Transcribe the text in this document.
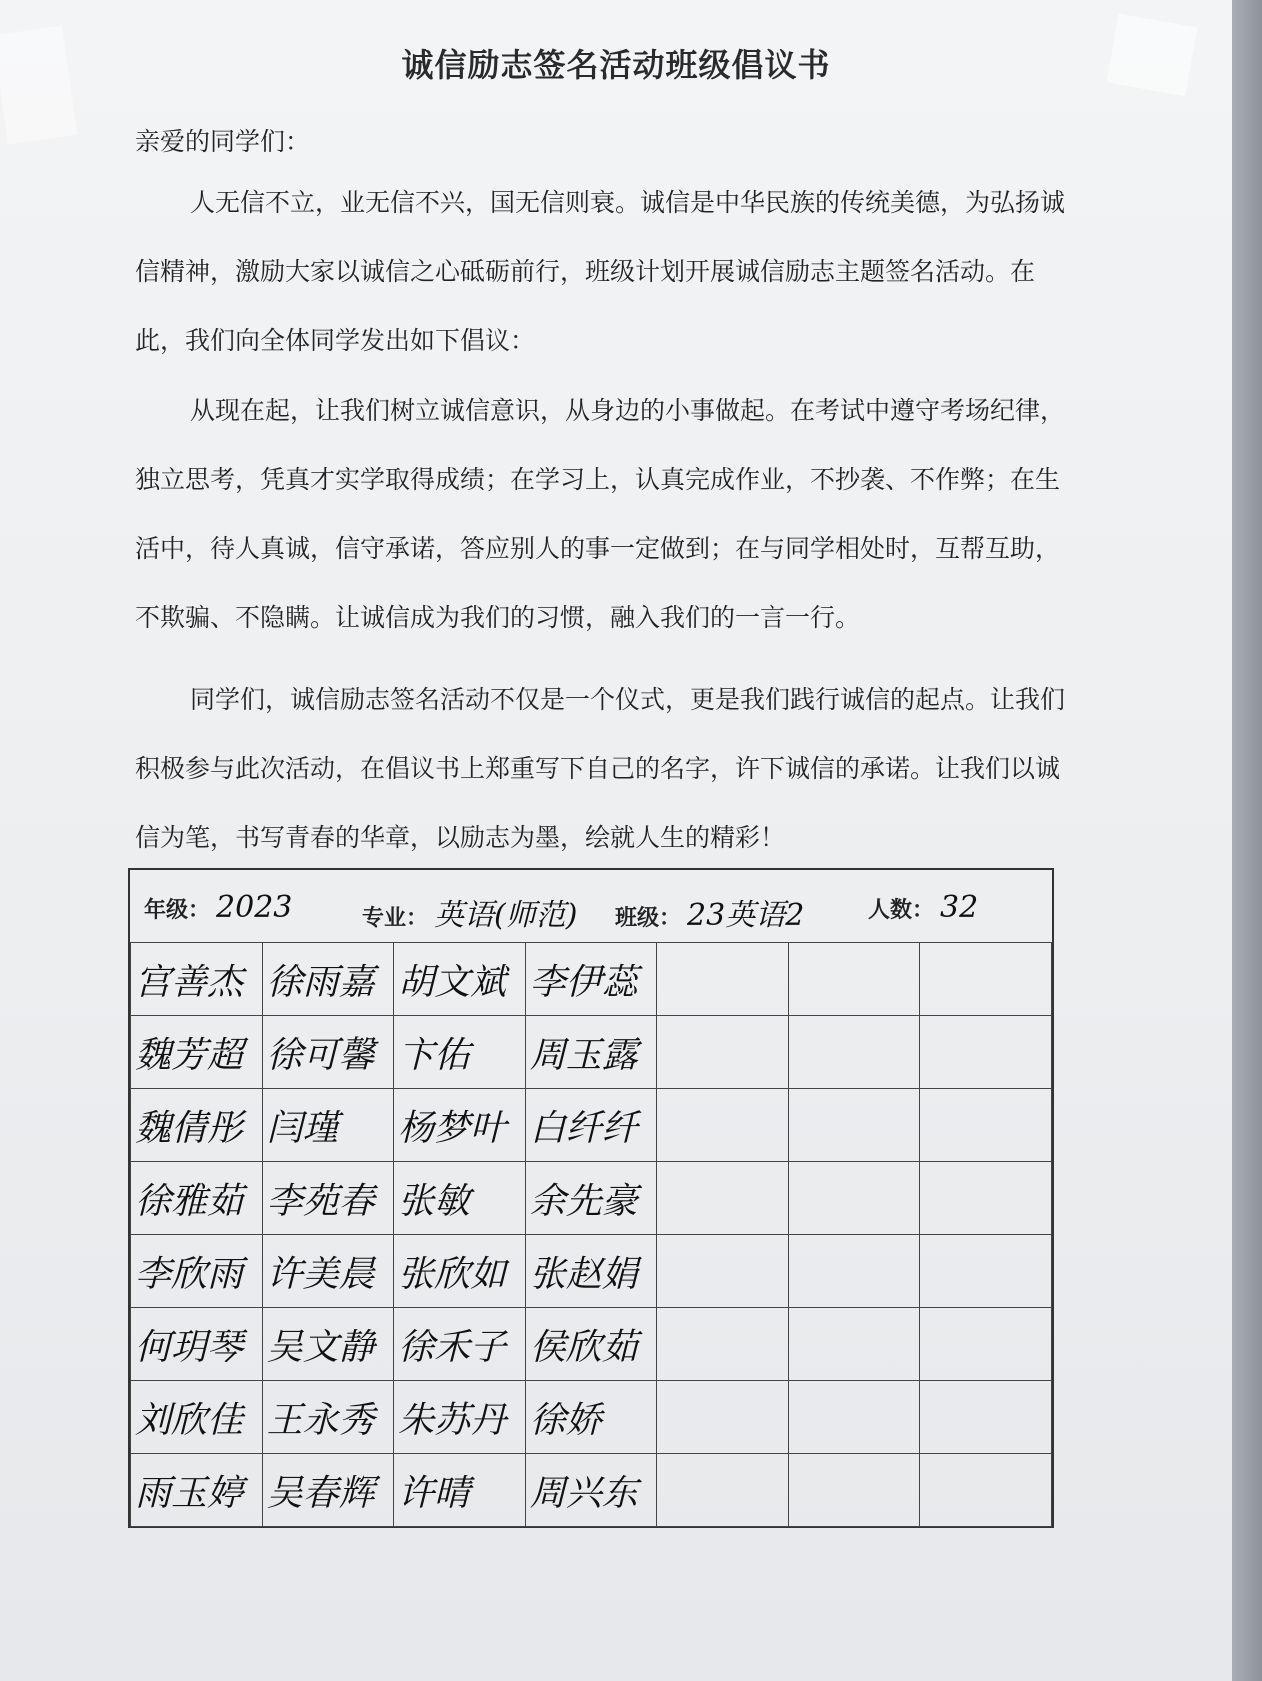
诚信励志签名活动班级倡议书
亲爱的同学们：
人无信不立，业无信不兴，国无信则衰。诚信是中华民族的传统美德，为弘扬诚信精神，激励大家以诚信之心砥砺前行，班级计划开展诚信励志主题签名活动。在此，我们向全体同学发出如下倡议：
从现在起，让我们树立诚信意识，从身边的小事做起。在考试中遵守考场纪律，独立思考，凭真才实学取得成绩；在学习上，认真完成作业，不抄袭、不作弊；在生活中，待人真诚，信守承诺，答应别人的事一定做到；在与同学相处时，互帮互助，不欺骗、不隐瞒。让诚信成为我们的习惯，融入我们的一言一行。
同学们，诚信励志签名活动不仅是一个仪式，更是我们践行诚信的起点。让我们积极参与此次活动，在倡议书上郑重写下自己的名字，许下诚信的承诺。让我们以诚信为笔，书写青春的华章，以励志为墨，绘就人生的精彩！
年级： 2023	专业： 英语(师范) 班级： 23英语2	人数： 32
宫善杰	徐雨嘉	胡文斌	李伊蕊			
魏芳超	徐可馨	卞佑	周玉露			
魏倩彤	闫瑾	杨梦叶	白纤纤			
徐雅茹	李苑春	张敏	余先豪			
李欣雨	许美晨	张欣如	张赵娟			
何玥琴	吴文静	徐禾子	侯欣茹			
刘欣佳	王永秀	朱苏丹	徐娇			
雨玉婷	吴春辉	许晴	周兴东			
